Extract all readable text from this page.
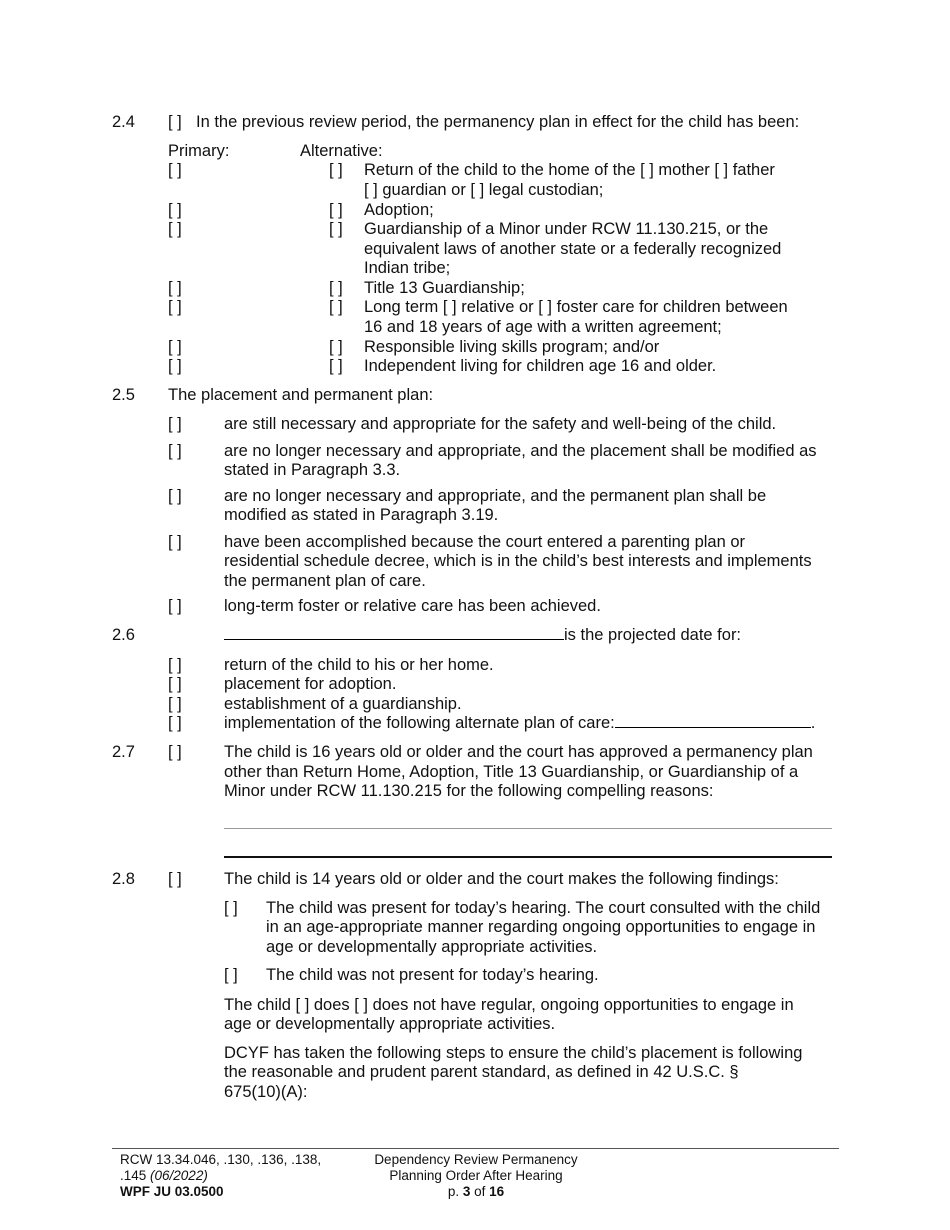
2.4 [ ] In the previous review period, the permanency plan in effect for the child has been:
Primary:	Alternative:
[ ]	[ ] Return of the child to the home of the [ ] mother [ ] father
[ ] guardian or [ ] legal custodian;
[ ]	[ ] Adoption;
[ ]	[ ] Guardianship of a Minor under RCW 11.130.215, or the
equivalent laws of another state or a federally recognized
Indian tribe;
[ ]	[ ] Title 13 Guardianship;
[ ]	[ ] Long term [ ] relative or [ ] foster care for children between
16 and 18 years of age with a written agreement;
[ ]	[ ] Responsible living skills program; and/or
[ ]	[ ] Independent living for children age 16 and older.
2.5 The placement and permanent plan:
[ ]	are still necessary and appropriate for the safety and well-being of the child.
[ ]	are no longer necessary and appropriate, and the placement shall be modified as
stated in Paragraph 3.3.
[ ]	are no longer necessary and appropriate, and the permanent plan shall be
modified as stated in Paragraph 3.19.
[ ]	have been accomplished because the court entered a parenting plan or
residential schedule decree, which is in the child’s best interests and implements
the permanent plan of care.
[ ]	long-term foster or relative care has been achieved.
2.6	is the projected date for:
[ ]	return of the child to his or her home.
[ ]	placement for adoption.
[ ]	establishment of a guardianship.
[ ]	implementation of the following alternate plan of care:	.
2.7 [ ]	The child is 16 years old or older and the court has approved a permanency plan
other than Return Home, Adoption, Title 13 Guardianship, or Guardianship of a
Minor under RCW 11.130.215 for the following compelling reasons:
2.8 [ ]	The child is 14 years old or older and the court makes the following findings:
[ ] The child was present for today’s hearing. The court consulted with the child
in an age-appropriate manner regarding ongoing opportunities to engage in
age or developmentally appropriate activities.
[ ] The child was not present for today’s hearing.
The child [ ] does [ ] does not have regular, ongoing opportunities to engage in
age or developmentally appropriate activities.
DCYF has taken the following steps to ensure the child’s placement is following
the reasonable and prudent parent standard, as defined in 42 U.S.C. §
675(10)(A):
RCW 13.34.046, .130, .136, .138,
.145 (06/2022)
WPF JU 03.0500
Dependency Review Permanency
Planning Order After Hearing
p. 3 of 16
